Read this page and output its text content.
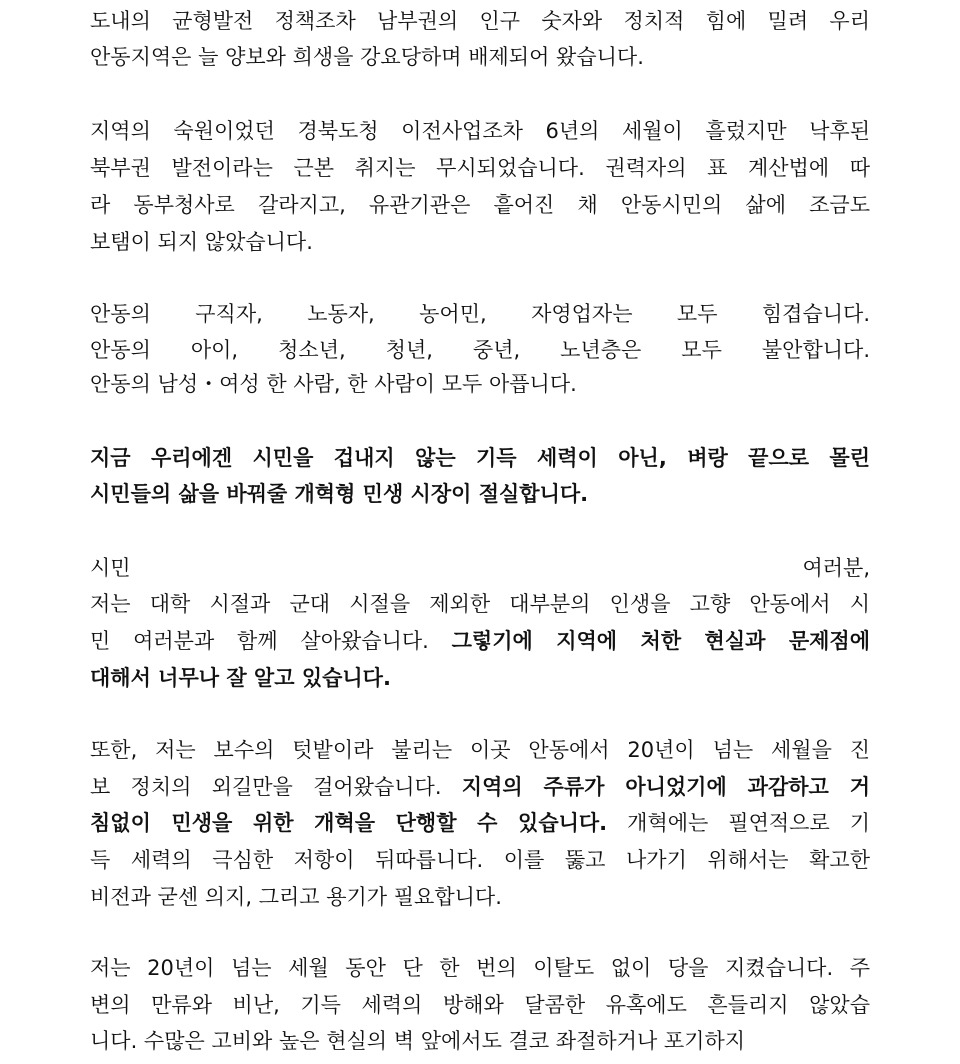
도내의 균형발전 정책조차 남부권의 인구 숫자와 정치적 힘에 밀려 우리
안동지역은 늘 양보와 희생을 강요당하며 배제되어 왔습니다.
지역의 숙원이었던 경북도청 이전사업조차 6년의 세월이 흘렀지만 낙후된
북부권 발전이라는 근본 취지는 무시되었습니다. 권력자의 표 계산법에 따
라 동부청사로 갈라지고, 유관기관은 흩어진 채 안동시민의 삶에 조금도
보탬이 되지 않았습니다.
안동의 구직자, 노동자, 농어민, 자영업자는 모두 힘겹습니다.
안동의 아이, 청소년, 청년, 중년, 노년층은 모두 불안합니다.
안동의 남성・여성 한 사람, 한 사람이 모두 아픕니다.
지금 우리에겐 시민을 겁내지 않는 기득 세력이 아닌, 벼랑 끝으로 몰린
시민들의 삶을 바꿔줄 개혁형 민생 시장이 절실합니다.
시민 여러분,
저는 대학 시절과 군대 시절을 제외한 대부분의 인생을 고향 안동에서 시
민 여러분과 함께 살아왔습니다. 그렇기에 지역에 처한 현실과 문제점에
대해서 너무나 잘 알고 있습니다.
또한, 저는 보수의 텃밭이라 불리는 이곳 안동에서 20년이 넘는 세월을 진
보 정치의 외길만을 걸어왔습니다. 지역의 주류가 아니었기에 과감하고 거
침없이 민생을 위한 개혁을 단행할 수 있습니다. 개혁에는 필연적으로 기
득 세력의 극심한 저항이 뒤따릅니다. 이를 뚫고 나가기 위해서는 확고한
비전과 굳센 의지, 그리고 용기가 필요합니다.
저는 20년이 넘는 세월 동안 단 한 번의 이탈도 없이 당을 지켰습니다. 주
변의 만류와 비난, 기득 세력의 방해와 달콤한 유혹에도 흔들리지 않았습
니다. 수많은 고비와 높은 현실의 벽 앞에서도 결코 좌절하거나 포기하지
